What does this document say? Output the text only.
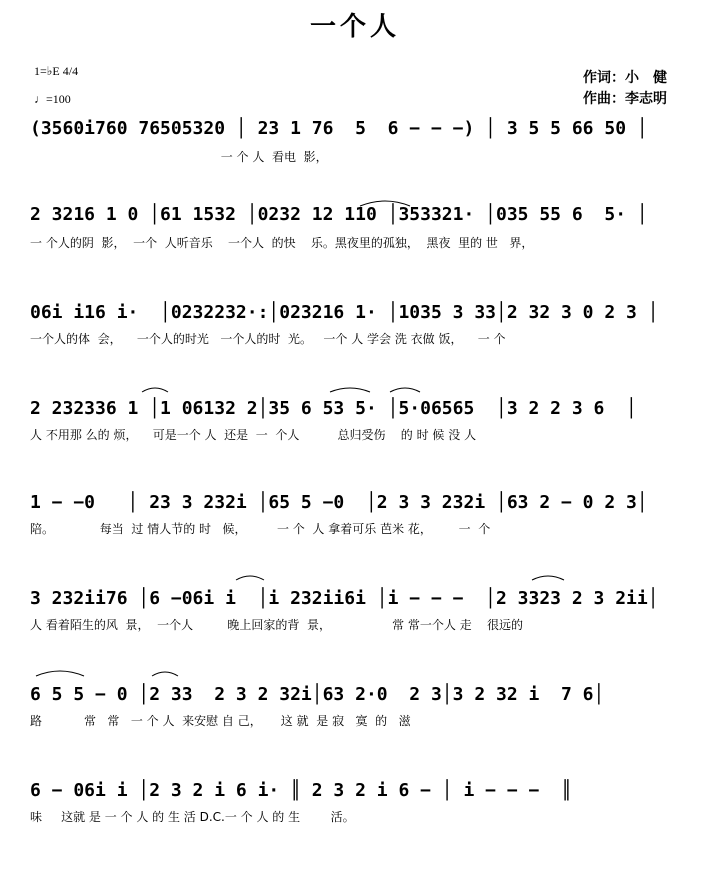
一个人
1=♭E 4/4
♩=100
作词：小　健
作曲：李志明
(3560i760 76505320 │ 23 1 76  5  6 − − −) │ 3 5 5 66 50 │
一 个 人  看电  影，
2 3216 1 0 │61 1532 │0232 12 110 │353321· │035 55 6  5· │
一 个人的阴  影，  一个  人听音乐    一个人  的快    乐。黑夜里的孤独，  黑夜  里的 世   界，
06i i16 i·  │0232232·:│023216 1· │1035 3 33│2 32 3 0 2 3 │
一个人的体  会，    一个人的时光   一个人的时  光。   一个 人 学会 洗 衣做 饭，    一 个
2 232336 1 │1 06132 2│35 6 53 5· │5·06565  │3 2 2 3 6  │
人 不用那 么的 烦，    可是一个 人  还是  一  个人          总归受伤    的 时 候 没 人
1 − −0   │ 23 3 232i │65 5 −0  │2 3 3 232i │63 2 − 0 2 3│
陪。            每当  过 情人节的 时   候，        一 个  人 拿着可乐 芭米 花，       一  个
3 232ii76 │6 −06i i  │i 232ii6i │i − − −  │2 3323 2 3 2ii│
人 看着陌生的风  景，  一个人         晚上回家的背  景，                常 常一个人 走    很远的
6 5 5 − 0 │2 33  2 3 2 32i│63 2·0  2 3│3 2 32 i  7 6│
路           常   常   一 个 人  来安慰 自 己，     这 就  是 寂   寞  的   滋
6 − 06i i │2 3 2 i 6 i· ║ 2 3 2 i 6 − │ i − − −  ║
味     这就 是 一 个 人 的 生 活 D.C.一 个 人 的 生        活。
